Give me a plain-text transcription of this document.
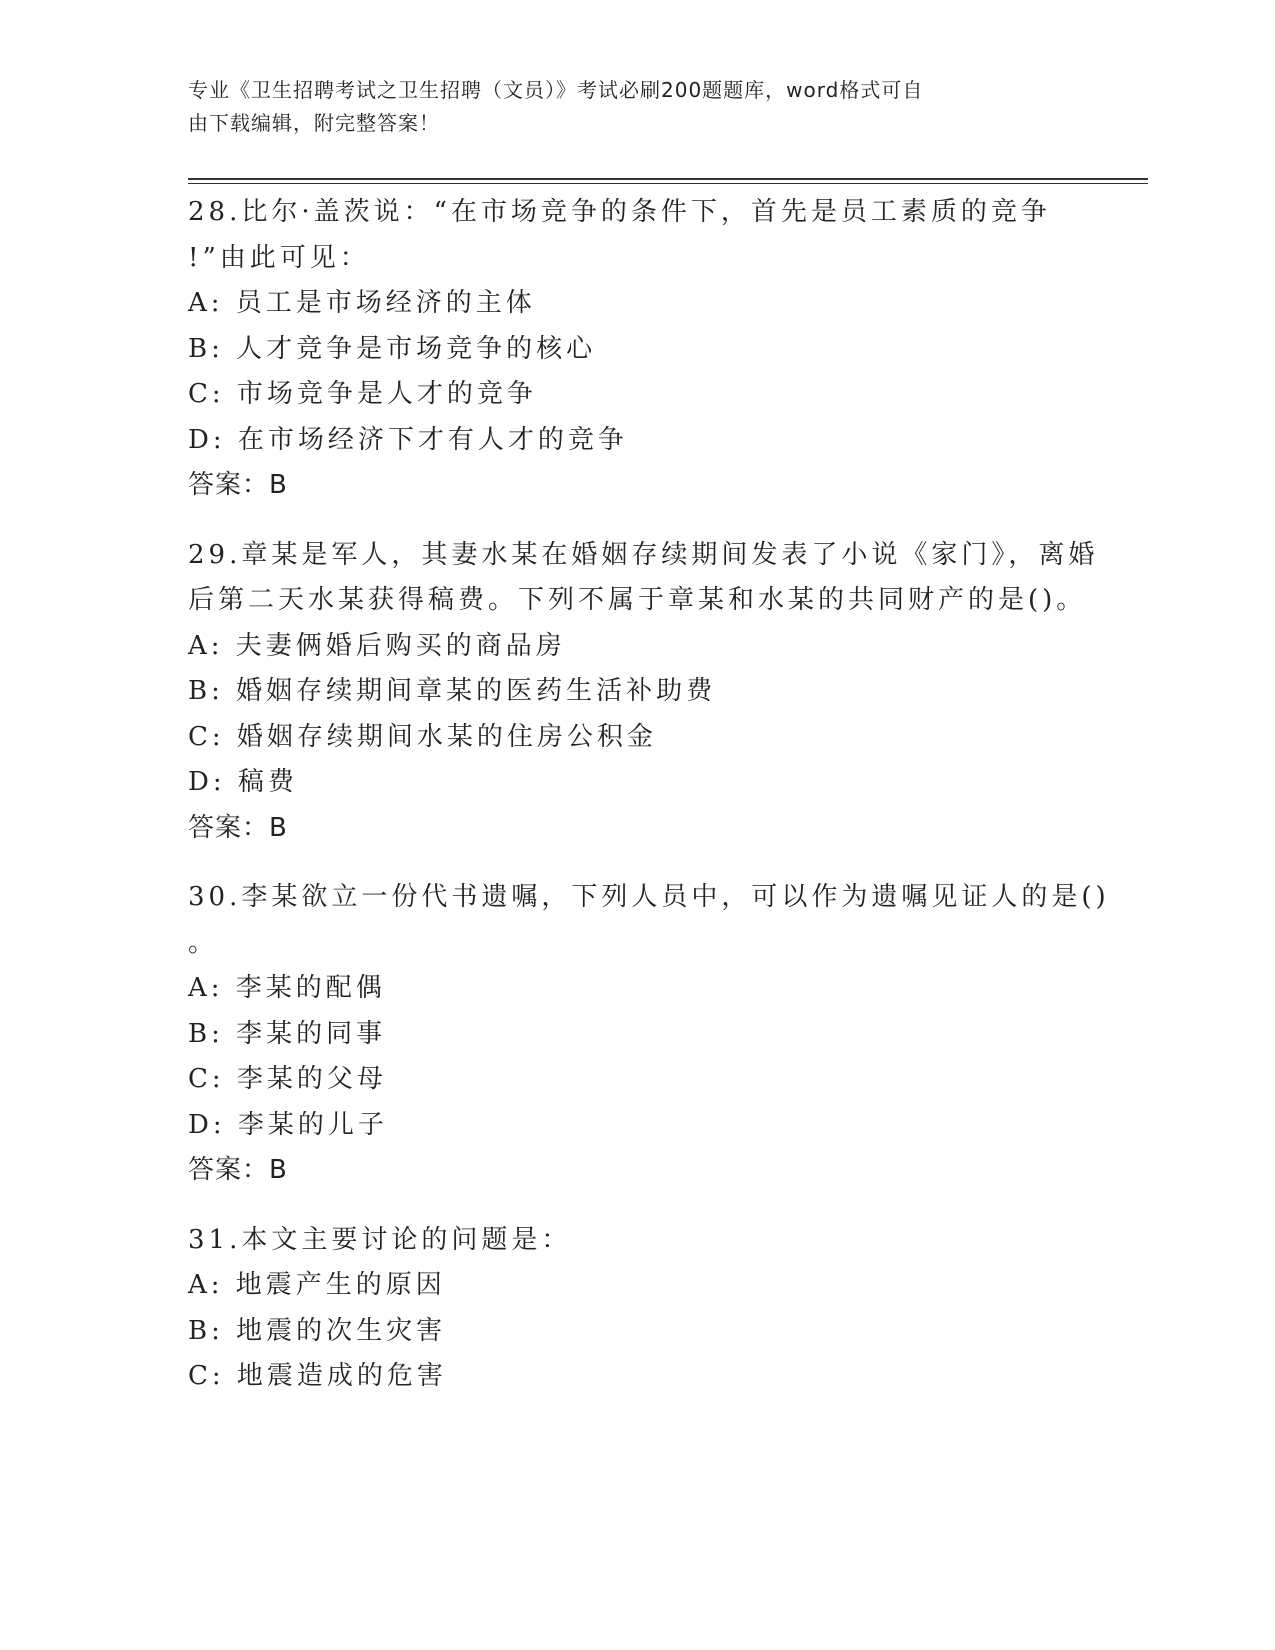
专业《卫生招聘考试之卫生招聘（文员）》考试必刷200题题库，word格式可自
由下载编辑，附完整答案！
28.比尔·盖茨说：“在市场竞争的条件下，首先是员工素质的竞争
!”由此可见：
A: 员工是市场经济的主体
B: 人才竞争是市场竞争的核心
C: 市场竞争是人才的竞争
D: 在市场经济下才有人才的竞争
答案：B
29.章某是军人，其妻水某在婚姻存续期间发表了小说《家门》，离婚
后第二天水某获得稿费。下列不属于章某和水某的共同财产的是()。
A: 夫妻俩婚后购买的商品房
B: 婚姻存续期间章某的医药生活补助费
C: 婚姻存续期间水某的住房公积金
D: 稿费
答案：B
30.李某欲立一份代书遗嘱，下列人员中，可以作为遗嘱见证人的是()
。
A: 李某的配偶
B: 李某的同事
C: 李某的父母
D: 李某的儿子
答案：B
31.本文主要讨论的问题是：
A: 地震产生的原因
B: 地震的次生灾害
C: 地震造成的危害
